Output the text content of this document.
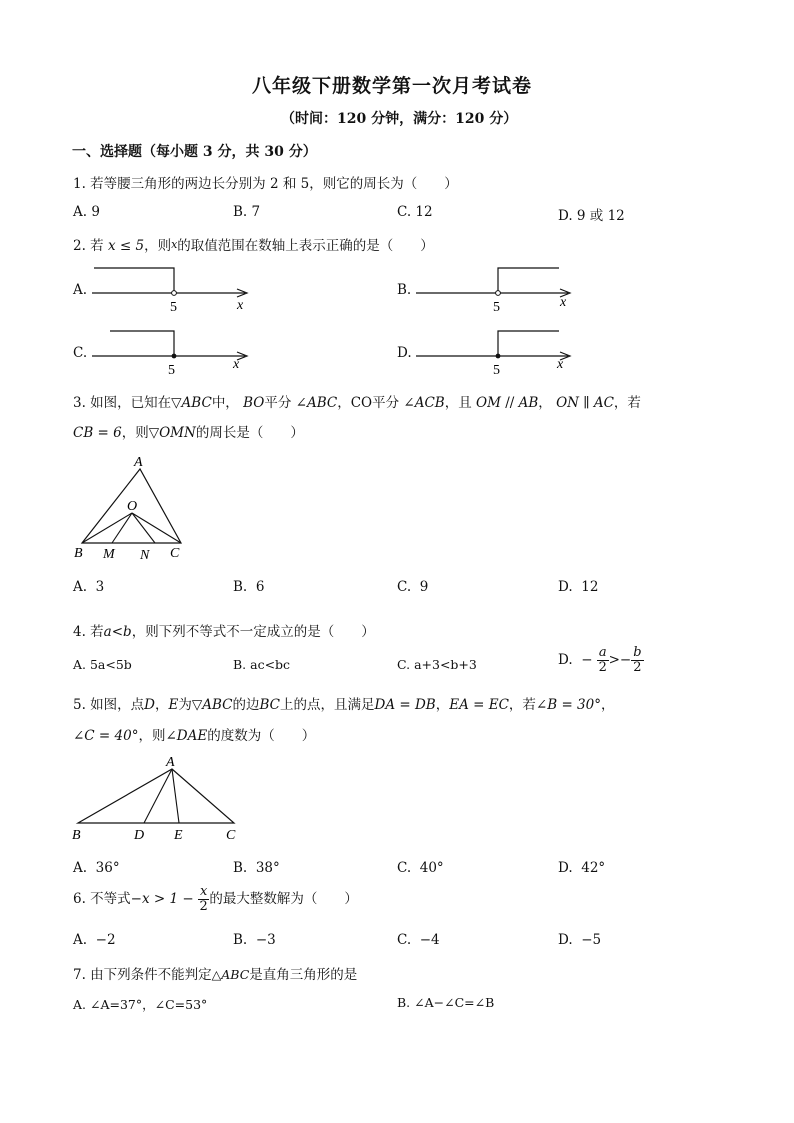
八年级下册数学第一次月考试卷
（时间：120 分钟，满分：120 分）
一、选择题（每小题 3 分，共 30 分）
1. 若等腰三角形的两边长分别为 2 和 5，则它的周长为（　　）
A. 9	B. 7	C. 12	D. 9 或 12
2. 若 x ≤ 5，则x的取值范围在数轴上表示正确的是（　　）
A.	B.
C.	D.
5	x	5	x
5	x	5	x
3. 如图，已知在▽ABC中， BO平分 ∠ABC，CO平分 ∠ACB，且 OM // AB， ON ∥ AC，若
CB = 6，则▽OMN的周长是（　　）
A
O
B M N C
A. 3	B. 6	C. 9	D. 12
4. 若a<b，则下列不等式不一定成立的是（　　）
A. 5a<5b	B. ac<bc	C. a+3<b+3	D. − $\frac{a}{2} >- \frac{b}{2}$
5. 如图，点D，E为▽ABC的边BC上的点，且满足DA = DB，EA = EC，若∠B = 30°，
∠C = 40°，则∠DAE的度数为（　　）
A
B	D E	C
A. 36°	B. 38°	C. 40°	D. 42°
6. 不等式$-x > 1 - \frac{x}{2}$ 的最大整数解为（　　）
A. −2	B. −3	C. −4	D. −5
7. 由下列条件不能判定△ABC是直角三角形的是
A. ∠A=37°，∠C=53°	B. ∠A−∠C=∠B
